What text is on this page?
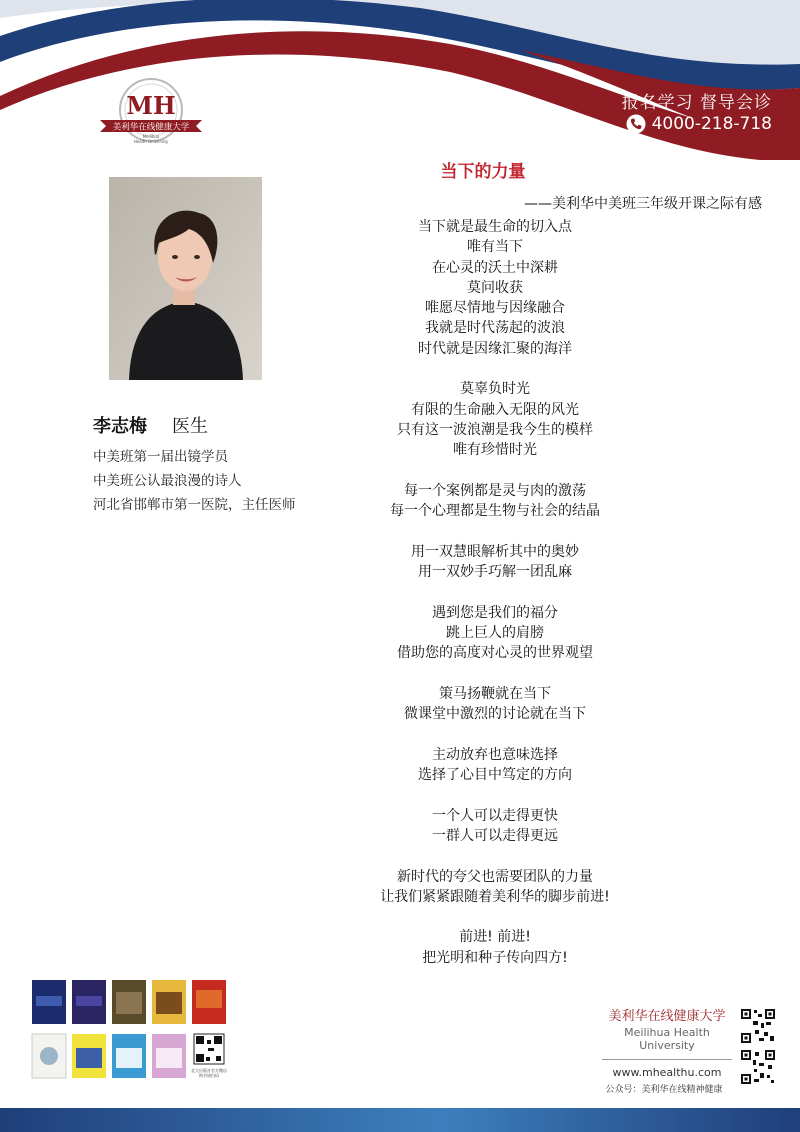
MH
美利华在线健康大学
Meilihua
Health University
报名学习 督导会诊
4000-218-718
李志梅 医生
中美班第一届出镜学员
中美班公认最浪漫的诗人
河北省邯郸市第一医院，主任医师
当下的力量
——美利华中美班三年级开课之际有感
当下就是最生命的切入点
唯有当下
在心灵的沃土中深耕
莫问收获
唯愿尽情地与因缘融合
我就是时代荡起的波浪
时代就是因缘汇聚的海洋
莫辜负时光
有限的生命融入无限的风光
只有这一波浪潮是我今生的模样
唯有珍惜时光
每一个案例都是灵与肉的激荡
每一个心理都是生物与社会的结晶
用一双慧眼解析其中的奥妙
用一双妙手巧解一团乱麻
遇到您是我们的福分
跳上巨人的肩膀
借助您的高度对心灵的世界观望
策马扬鞭就在当下
微课堂中激烈的讨论就在当下
主动放弃也意味选择
选择了心目中笃定的方向
一个人可以走得更快
一群人可以走得更远
新时代的夸父也需要团队的力量
让我们紧紧跟随着美利华的脚步前进!
前进! 前进!
把光明和种子传向四方!
北大出版社官方微店
购书请扫码
美利华在线健康大学
Meilihua Health University
www.mhealthu.com
公众号：美利华在线精神健康
